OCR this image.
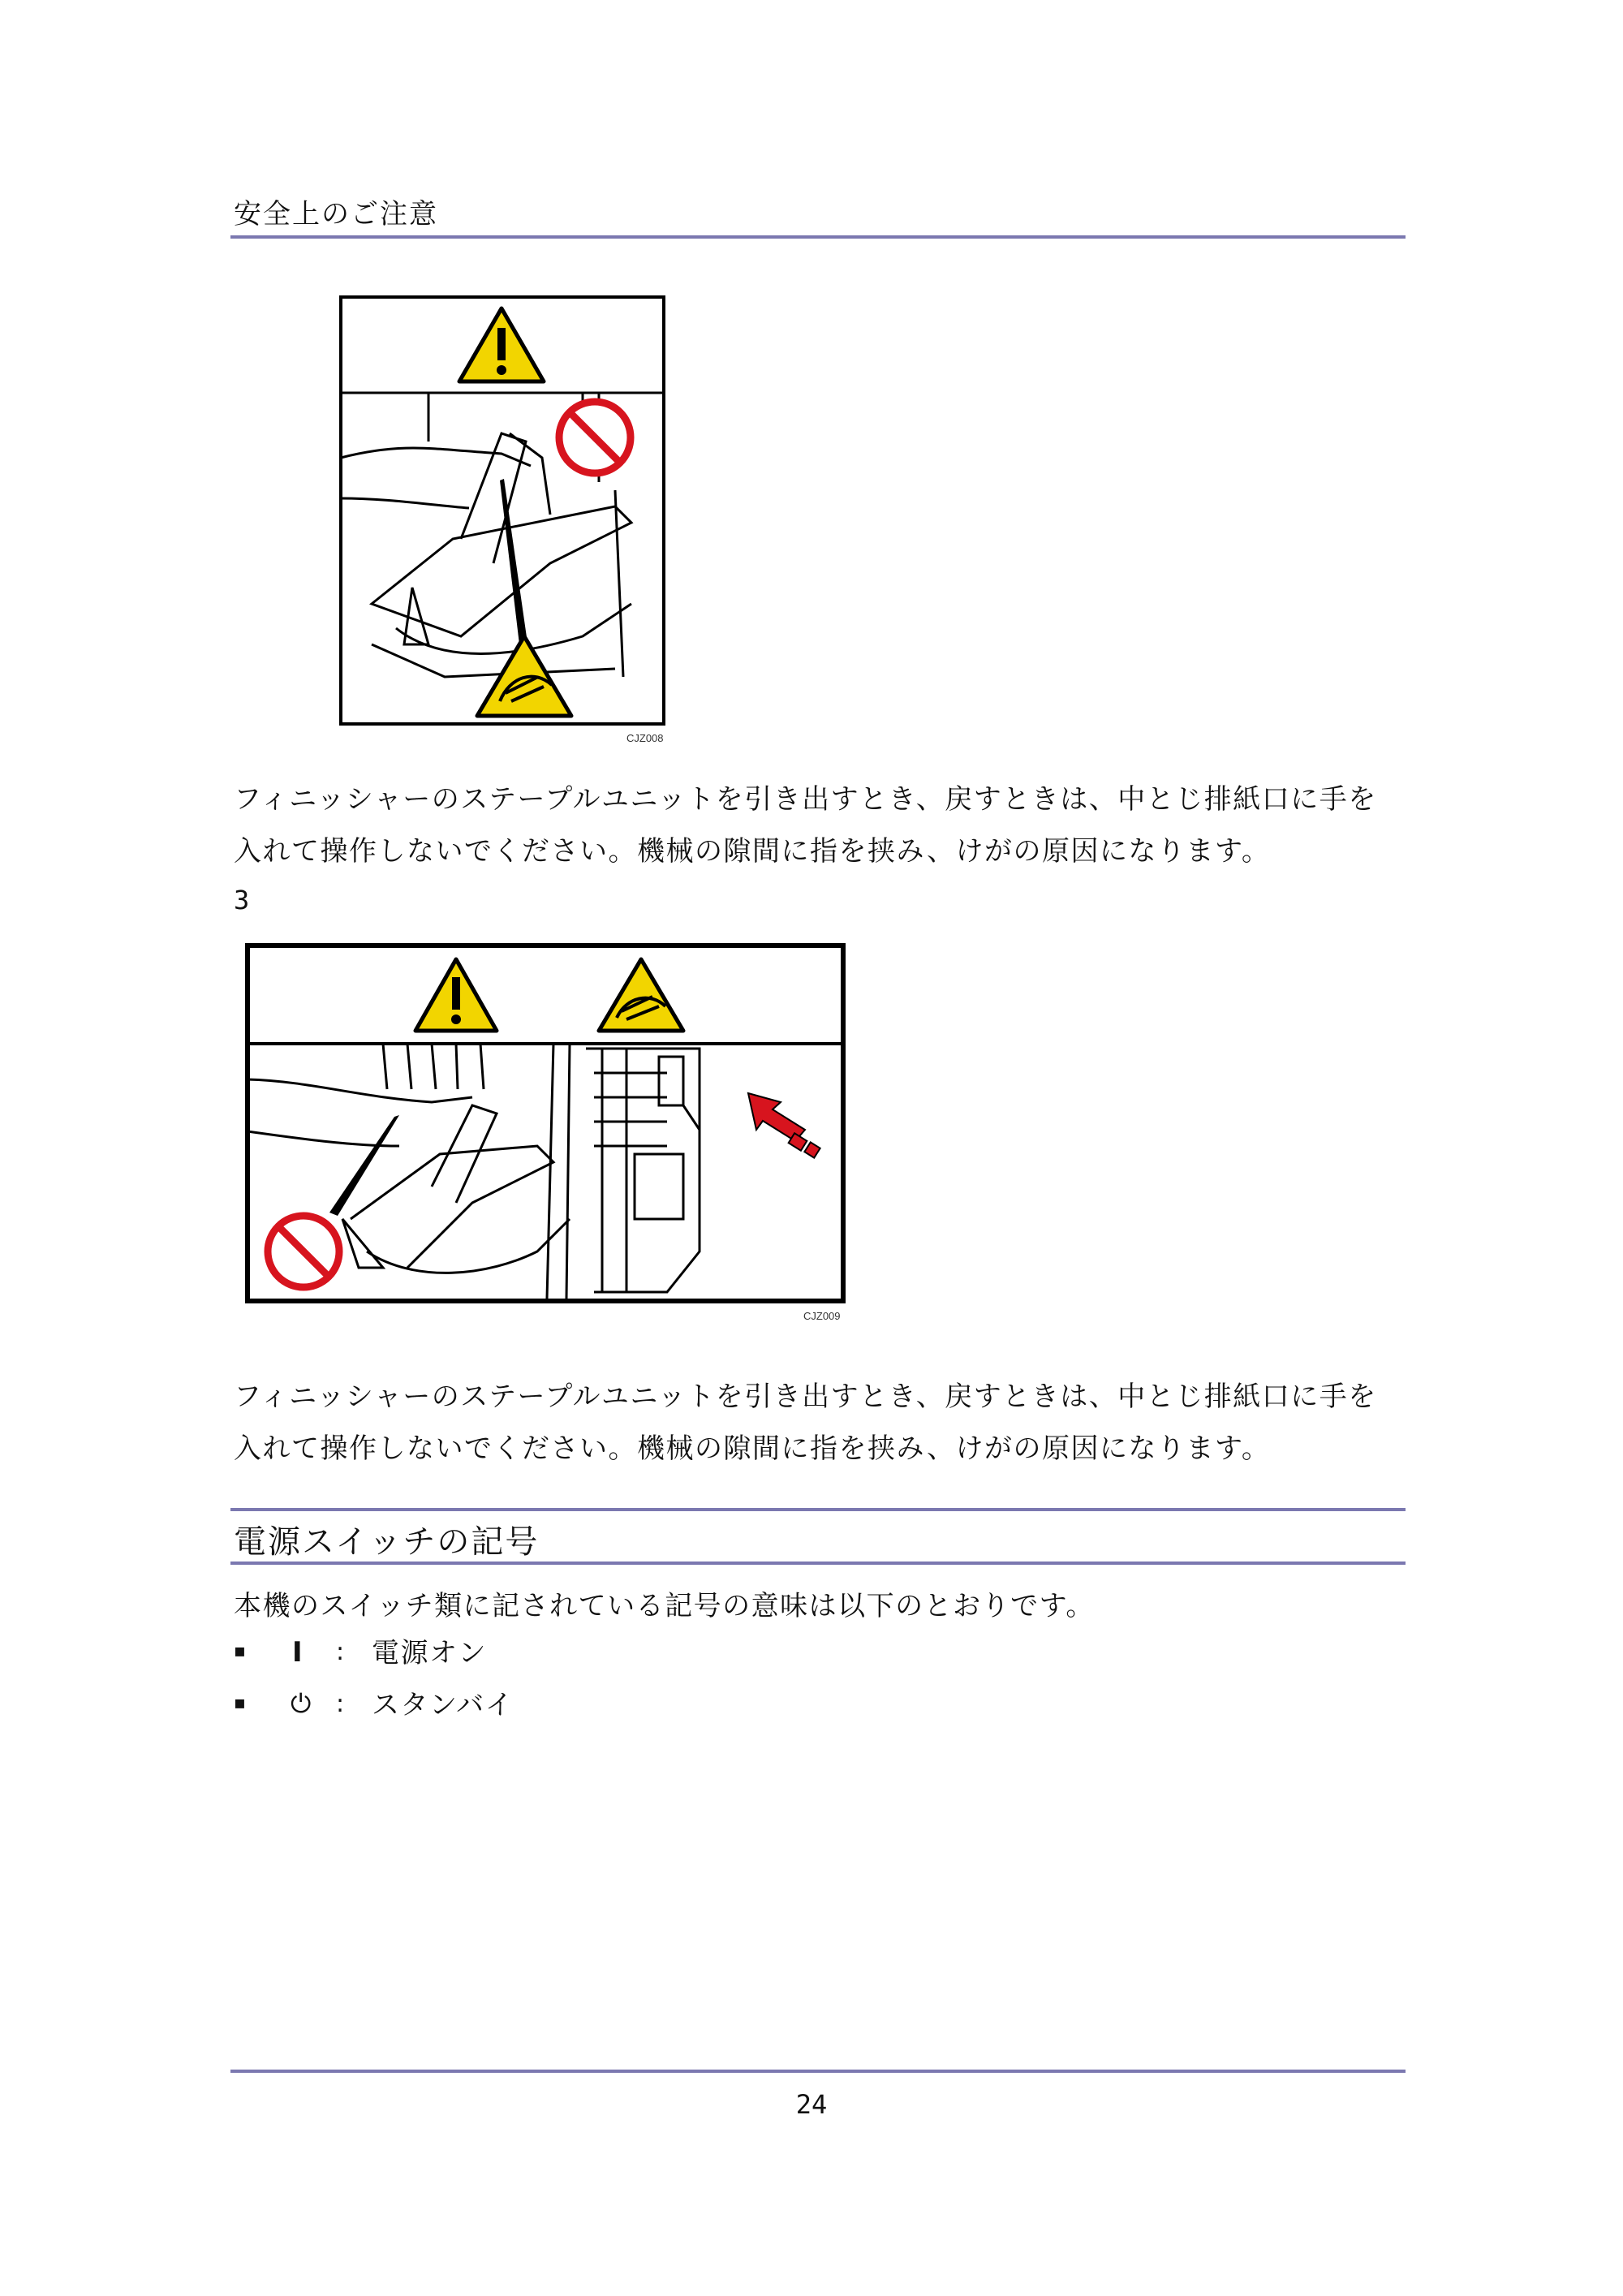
安全上のご注意
CJZ008
フィニッシャーのステープルユニットを引き出すとき、戻すときは、中とじ排紙口に手を
入れて操作しないでください。機械の隙間に指を挟み、けがの原因になります。
3
CJZ009
フィニッシャーのステープルユニットを引き出すとき、戻すときは、中とじ排紙口に手を
入れて操作しないでください。機械の隙間に指を挟み、けがの原因になります。
電源スイッチの記号
本機のスイッチ類に記されている記号の意味は以下のとおりです。
▪ I : 電源オン
▪ ⏻ : スタンバイ
24
